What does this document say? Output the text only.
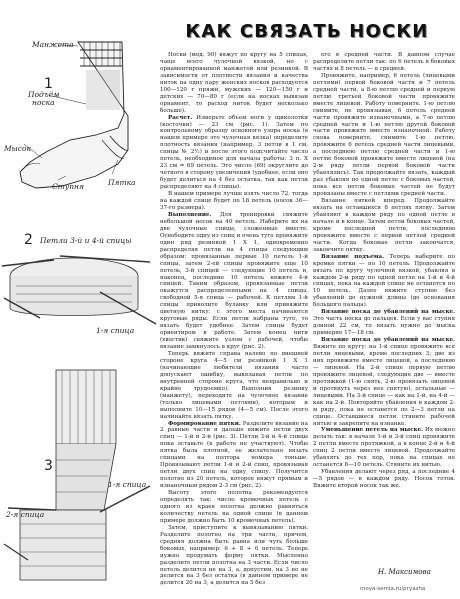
КАК СВЯЗАТЬ НОСКИ
1
Манжета
Подъём
носка
Мысок
Ступня	Пятка
2 Петли 3-й и 4-й спицы
1-я спица
3
2-я спица
1-я спица

Носки (мод. 90) вяжут по кругу на 5 спицах, чаще всего чулочной вязкой, но с орнаментированной манжетой или резинкой. В зависимости от плотности вязания и качества ниток на одну пару женских носков расходуется 100—120 г пряжи, мужских — 120—150 г и детских — 70—80 г (если на носках вывязан орнамент, то расход ниток будет несколько больше).

Расчет. Измерьте объем ноги у щиколотки (косточки) — 23 см (рис. 1). Затем по контрольному образцу основного узора носка (в нашем примере это чулочная вязка) определите плотность вязания (например, 3 петли в 1 см, спицы № 2½) и после этого подсчитайте число петель, необходимое для начала работы: 3 п. Х 23 см = 69 петель. Это число (69) округлите до четного в сторону увеличения (удобнее, если оно будет делиться на 4 без остатка, так как петли распределяют на 4 спицы).

В нашем примере лучше взять число 72, тогда на каждой спице будет по 18 петель (носок 36—37-го размера).

Выполнение. Для тренировки свяжите небольшой носок на 40 петель. Наберите их на две чулочные спицы, сложенные вместе. Освободите одну из спиц и очень туго провяжите один ряд резинкой 1 Х 1, одновременно распределяя петли на 4 спицы следующим образом: провязанные первые 10 петель 1-й спицы, затем 2-ей спицы провяжите еще 10 петель, 3-й спицей — следующие 10 петель и, наконец, последние 10 петель вяжите 4-й спицей. Таким образом, провязанные петли окажутся распределенными на 4 спицы, свободной 5-я спица — рабочей. К петлям 1-й спицы приколите булавку или привяжите цветную нитку: с этого места начинаются круговые ряды. Если петли набраны туго, то вязать будет удобнее. Затем спицы будет ориентиром в работе. Затем конец нити (хвостик) свяжите узлом с рабочей, чтобы вязание замкнулось в круг (рис. 2).

Теперь вяжите справа налево по внешней стороне круга 4—5 см резинкой 1 Х 1 (начинающие любители вязания часто допускают ошибку, вывязывая петли по внутренней стороне круга, что неправильно и крайне трудоемко). Выполнив резинку (манжету), переходите на чулочное вязание (только лицевыми петлями), которым и выполните 10—15 рядов (4—5 см). После этого начинайте вязать пятку.

Формирование пятки. Разделите вязание на 2 равные части и дальше вяжите петли двух спиц — 1-й и 2-й (рис. 3). Петли 3-й и 4-й спицы пока оставьте (в работе не участвуют). Чтобы пятка была плотной, ее желательно вязать спицами на полтора номера тоньше. Провязывают петли 1-й и 2-й спиц, провязывая петли двух спиц на одну спицу. Получится полотно из 20 петель, которое вяжут прямым и изнаночным рядом 2-3 см (рис. 2).

Высоту этого полотна рекомендуется определять так: число кромочных петель с одного из краев полотна должно равняться количеству петель на одной спице (в данном примере должно быть 10 кромочных петель).

Затем, приступите к вывязыванию пятки. Разделите полотно на три части, причем, средняя должна быть равна или чуть больше боковых, например: 6 + 8 + 6 петель. Теперь нужно продумать форму пятки. Мысленно разделите петли полотна на 3 части. Если число петель делится не на 3, а, допустим, на 3 но не делится на 3 без остатка (в данном примере не делится 20 на 3, а делится на 5 без

его в средней части. В данном случае распределите петли так: по 6 петель в боковых частях и 8 петель — в средней.

Провяжите, например, 6 петель (лицевыми петлями) первой боковой части и 7 петель средней части, а 8-ю петлю средней и первую петлю третьей боковой части провяжите вместе лицевой. Работу поверните. 1-ю петлю снимите, не провязывая, 6 петель средней части провяжите изнаночными, а 7-ю петлю средней части и 1-ю петлю другой боковой части провяжите вместе изнаночной. Работу снова поверните, снимите 1-ю петлю, провяжите 6 петель средней части лицевыми, а последнюю петлю средней части и 1-ю петлю боковой провяжите вместе лицевой (на 2-м ряду петли первой боковой части убавлялись). Так продолжайте вязать, каждый раз убавляя по одной петле с боковых частей, пока все петли боковых частей не будут провязаны вместе с петлями средней части.

Вязание пяткой вперед. Продолжайте вязать на оставшихся 8 петлях пятку. Затем убавляют в каждом ряду по одной петле в начале и в конце. Затем петли боковых частей, кроме последней петли, последнюю провяжите вместе с первой петлей средней части. Когда боковые петли закончатся, закончите пятку.

Вязание подъема. Теперь наберите по кромке пятки — по 10 петель. Продолжайте вязать по кругу чулочной вязкой, убавляя в каждом 2-м ряду по одной петле на 1-й и 4-й спицах, пока на каждой спице не останется по 10 петель. Далее вяжите ступню без убавлений до нужной длины (до основания большого пальца).

Вязание носка до убавлений на мыске. Это часть носка до пальцев. Если у вас ступня длиной 22 см, то вязать нужно до мыска примерно 17—18 см.

Вязание носка до убавлений на мыске. Вяжите по кругу: на 1-й спице провяжите все петли лицевыми, кроме последних 3; две из них провяжите вместе лицевой, а последнюю — лицевой. На 2-й спице первую петлю провяжите лицевой, следующие две — вместе протяжкой (1-ю снять, 2-ю провязать лицевой и протянуть через нее снятую), остальные — лицевыми. На 3-й спице — как на 1-й, на 4-й — как на 2-й. Повторяйте убавления в каждом 2-м ряду, пока не останется по 2—3 петли на спице. Оставшиеся петли стяните рабочей нитью и закрепите на изнанке.

Уменьшение петель на мыске. Их можно делать так: в начале 1-й и 3-й спиц провяжите 2 петли вместе протяжкой, а в конце 2-й и 4-й спиц 2 петли вместе лицевой. Продолжайте убавлять до тех пор, пока на спицах не останется 8—10 петель. Стяните их нитью.

Убавления делают через ряд, а последние 4—5 рядов — в каждом ряду. Носок готов. Вяжите второй носок так же.

Н. Максимова
moya-semia.ru/pryazha
